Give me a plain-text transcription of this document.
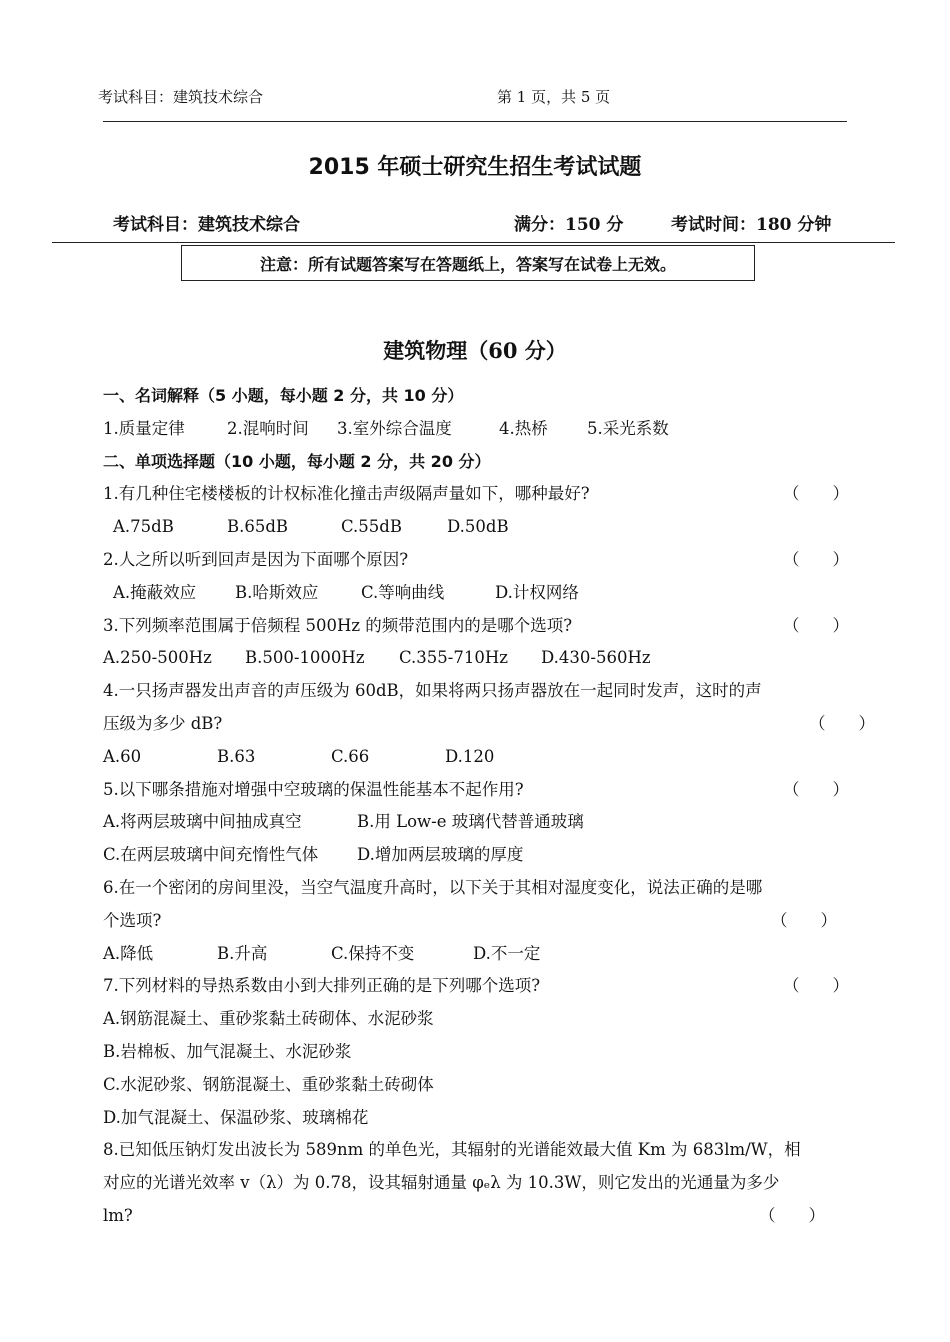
考试科目：建筑技术综合	第 1 页，共 5 页
2015 年硕士研究生招生考试试题
考试科目：建筑技术综合	满分：150 分	考试时间：180 分钟
注意：所有试题答案写在答题纸上，答案写在试卷上无效。
建筑物理（60 分）
一、名词解释（5 小题，每小题 2 分，共 10 分）
1.质量定律	2.混响时间 3.室外综合温度	4.热桥 5.采光系数
二、单项选择题（10 小题，每小题 2 分，共 20 分）
1.有几种住宅楼楼板的计权标准化撞击声级隔声量如下，哪种最好?	（　　）
A.75dB	B.65dB	C.55dB	D.50dB
2.人之所以听到回声是因为下面哪个原因?	（　　）
A.掩蔽效应 B.哈斯效应	C.等响曲线	D.计权网络
3.下列频率范围属于倍频程 500Hz 的频带范围内的是哪个选项?	（　　）
A.250-500Hz B.500-1000Hz C.355-710Hz D.430-560Hz
4.一只扬声器发出声音的声压级为 60dB，如果将两只扬声器放在一起同时发声，这时的声
压级为多少 dB?	（　　）
A.60	B.63	C.66	D.120
5.以下哪条措施对增强中空玻璃的保温性能基本不起作用?	（　　）
A.将两层玻璃中间抽成真空	B.用 Low-e 玻璃代替普通玻璃
C.在两层玻璃中间充惰性气体 D.增加两层玻璃的厚度
6.在一个密闭的房间里没，当空气温度升高时，以下关于其相对湿度变化，说法正确的是哪
个选项?	（　　）
A.降低	B.升高	C.保持不变	D.不一定
7.下列材料的导热系数由小到大排列正确的是下列哪个选项?	（　　）
A.钢筋混凝土、重砂浆黏土砖砌体、水泥砂浆
B.岩棉板、加气混凝土、水泥砂浆
C.水泥砂浆、钢筋混凝土、重砂浆黏土砖砌体
D.加气混凝土、保温砂浆、玻璃棉花
8.已知低压钠灯发出波长为 589nm 的单色光，其辐射的光谱能效最大值 Km 为 683lm/W，相
对应的光谱光效率 v（λ）为 0.78，设其辐射通量 φₑλ 为 10.3W，则它发出的光通量为多少
lm?	（　　）
